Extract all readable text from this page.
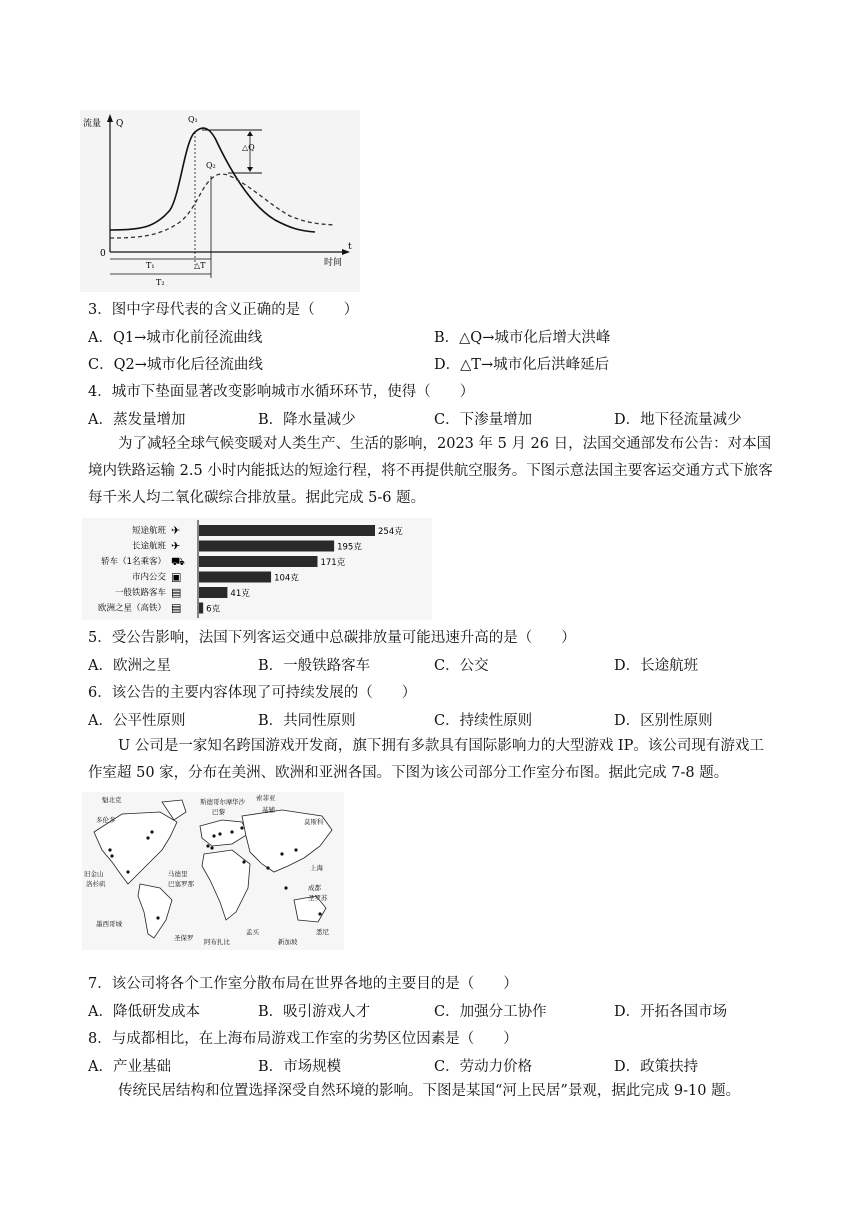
流量 Q
0
t
时间
Q₁
Q₂
△Q
T₁	△T
T₂
3．图中字母代表的含义正确的是（　　）
A．Q1→城市化前径流曲线	B．△Q→城市化后增大洪峰
C．Q2→城市化后径流曲线	D．△T→城市化后洪峰延后
4．城市下垫面显著改变影响城市水循环环节，使得（　　）
A．蒸发量增加	B．降水量减少	C．下渗量增加	D．地下径流量减少
为了减轻全球气候变暖对人类生产、生活的影响，2023 年 5 月 26 日，法国交通部发布公告：对本国境内铁路运输 2.5 小时内能抵达的短途行程，将不再提供航空服务。下图示意法国主要客运交通方式下旅客每千米人均二氧化碳综合排放量。据此完成 5-6 题。
短途航班 ✈	254克
长途航班 ✈	195克
轿车（1名乘客） ⛟	171克
市内公交 ▣	104克
一般铁路客车 ▤	41克
欧洲之星（高铁） ▤	6克
5．受公告影响，法国下列客运交通中总碳排放量可能迅速升高的是（　　）
A．欧洲之星	B．一般铁路客车	C．公交	D．长途航班
6．该公告的主要内容体现了可持续发展的（　　）
A．公平性原则	B．共同性原则	C．持续性原则	D．区别性原则
U 公司是一家知名跨国游戏开发商，旗下拥有多款具有国际影响力的大型游戏 IP。该公司现有游戏工作室超 50 家，分布在美洲、欧洲和亚洲各国。下图为该公司部分工作室分布图。据此完成 7-8 题。
魁北克
多伦多
旧金山
洛杉矶
墨西哥城
圣保罗 阿布扎比
孟买
新加坡
悉尼
成都
圣罗苏
上海
莫斯科
基辅
索菲亚
华沙
巴黎
斯德哥尔摩
马德里
巴塞罗那
7．该公司将各个工作室分散布局在世界各地的主要目的是（　　）
A．降低研发成本	B．吸引游戏人才	C．加强分工协作	D．开拓各国市场
8．与成都相比，在上海布局游戏工作室的劣势区位因素是（　　）
A．产业基础	B．市场规模	C．劳动力价格	D．政策扶持
传统民居结构和位置选择深受自然环境的影响。下图是某国“河上民居”景观，据此完成 9-10 题。
